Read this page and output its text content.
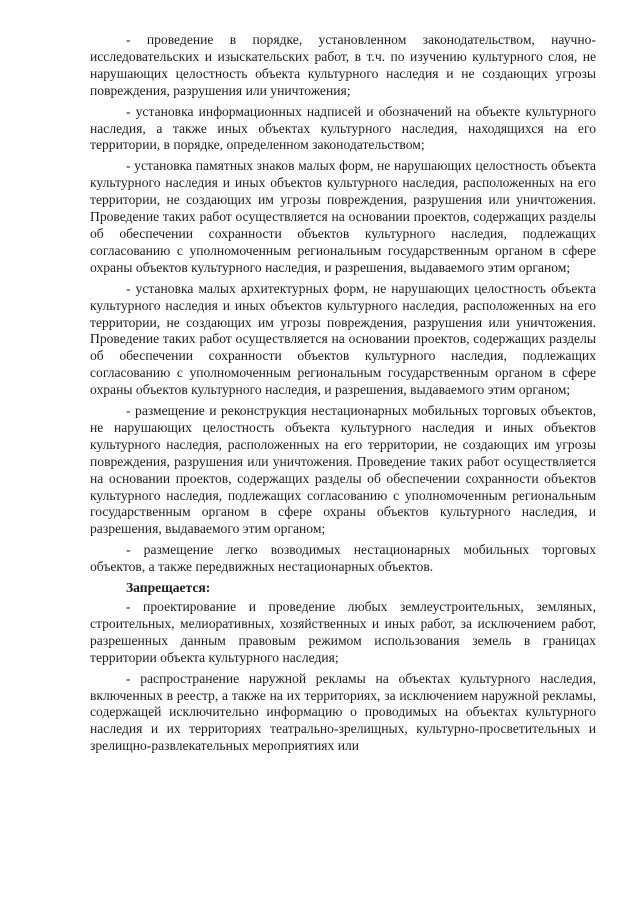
- проведение в порядке, установленном законодательством, научно-исследовательских и изыскательских работ, в т.ч. по изучению культурного слоя, не нарушающих целостность объекта культурного наследия и не создающих угрозы повреждения, разрушения или уничтожения;

- установка информационных надписей и обозначений на объекте культурного наследия, а также иных объектах культурного наследия, находящихся на его территории, в порядке, определенном законодательством;

- установка памятных знаков малых форм, не нарушающих целостность объекта культурного наследия и иных объектов культурного наследия, расположенных на его территории, не создающих им угрозы повреждения, разрушения или уничтожения. Проведение таких работ осуществляется на основании проектов, содержащих разделы об обеспечении сохранности объектов культурного наследия, подлежащих согласованию с уполномоченным региональным государственным органом в сфере охраны объектов культурного наследия, и разрешения, выдаваемого этим органом;

- установка малых архитектурных форм, не нарушающих целостность объекта культурного наследия и иных объектов культурного наследия, расположенных на его территории, не создающих им угрозы повреждения, разрушения или уничтожения. Проведение таких работ осуществляется на основании проектов, содержащих разделы об обеспечении сохранности объектов культурного наследия, подлежащих согласованию с уполномоченным региональным государственным органом в сфере охраны объектов культурного наследия, и разрешения, выдаваемого этим органом;

- размещение и реконструкция нестационарных мобильных торговых объектов, не нарушающих целостность объекта культурного наследия и иных объектов культурного наследия, расположенных на его территории, не создающих им угрозы повреждения, разрушения или уничтожения. Проведение таких работ осуществляется на основании проектов, содержащих разделы об обеспечении сохранности объектов культурного наследия, подлежащих согласованию с уполномоченным региональным государственным органом в сфере охраны объектов культурного наследия, и разрешения, выдаваемого этим органом;

- размещение легко возводимых нестационарных мобильных торговых объектов, а также передвижных нестационарных объектов.

Запрещается:

- проектирование и проведение любых землеустроительных, земляных, строительных, мелиоративных, хозяйственных и иных работ, за исключением работ, разрешенных данным правовым режимом использования земель в границах территории объекта культурного наследия;

- распространение наружной рекламы на объектах культурного наследия, включенных в реестр, а также на их территориях, за исключением наружной рекламы, содержащей исключительно информацию о проводимых на объектах культурного наследия и их территориях театрально-зрелищных, культурно-просветительных и зрелищно-развлекательных мероприятиях или
